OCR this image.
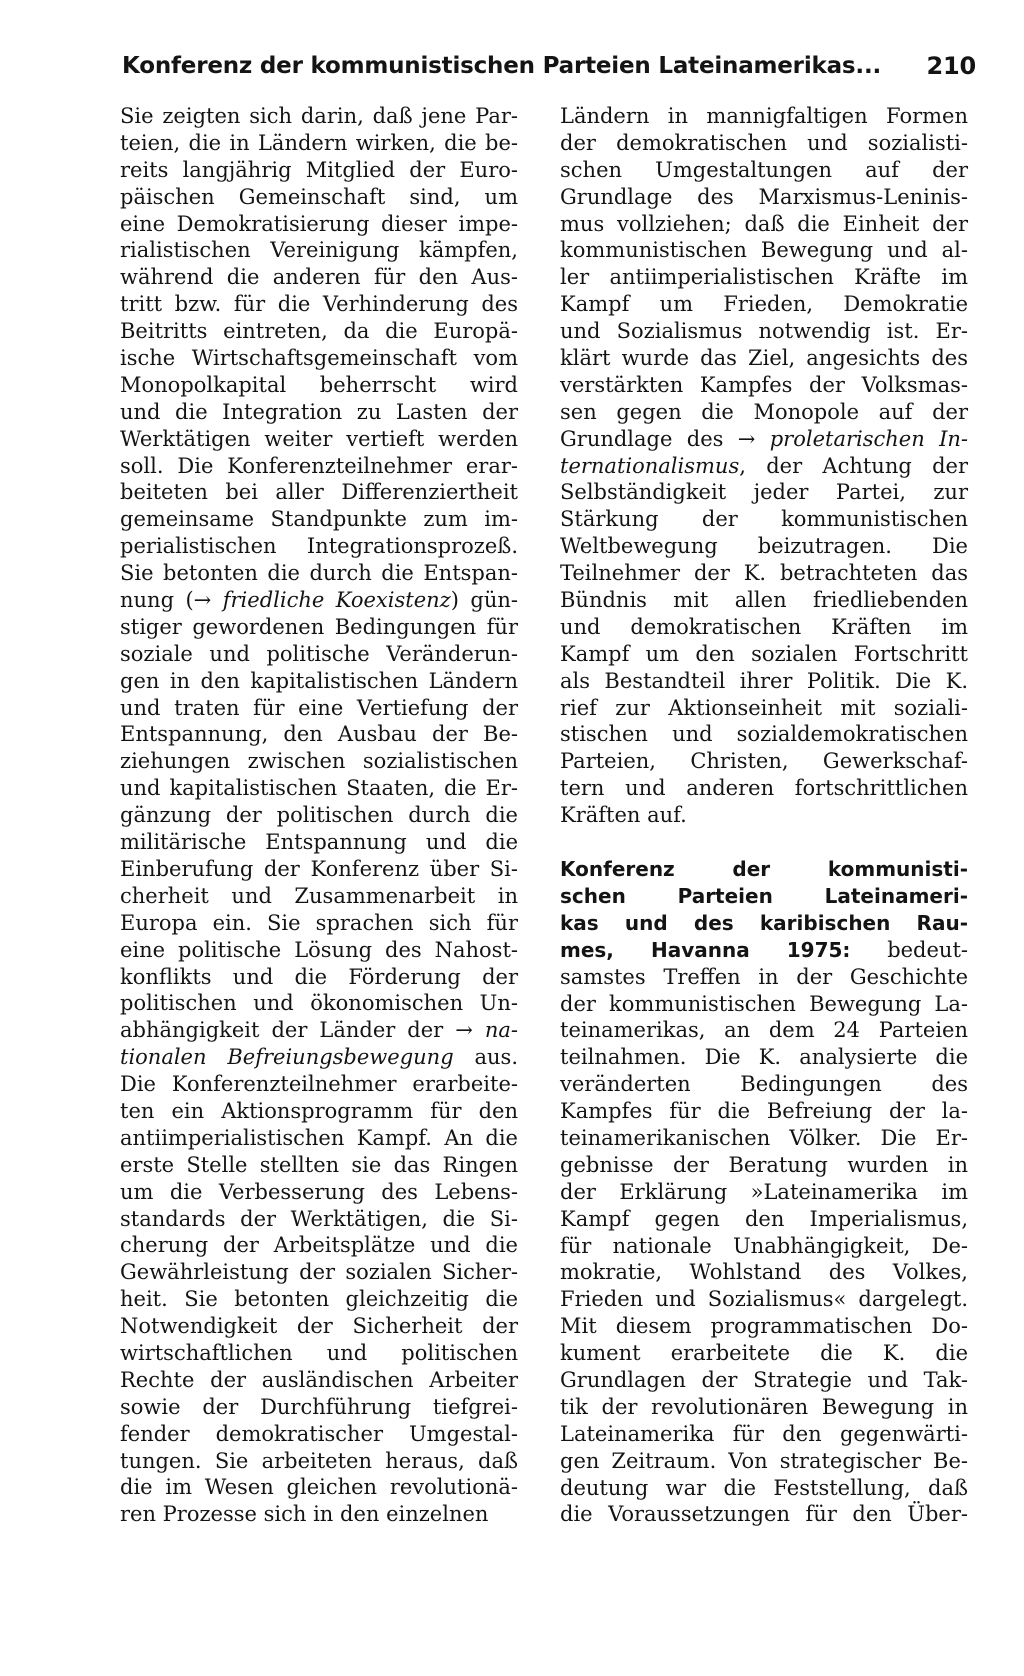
Konferenz der kommunistischen Parteien Lateinamerikas... 210
Sie zeigten sich darin, daß jene Par-
teien, die in Ländern wirken, die be-
reits langjährig Mitglied der Euro-
päischen Gemeinschaft sind, um
eine Demokratisierung dieser impe-
rialistischen Vereinigung kämpfen,
während die anderen für den Aus-
tritt bzw. für die Verhinderung des
Beitritts eintreten, da die Europä-
ische Wirtschaftsgemeinschaft vom
Monopolkapital beherrscht wird
und die Integration zu Lasten der
Werktätigen weiter vertieft werden
soll. Die Konferenzteilnehmer erar-
beiteten bei aller Differenziertheit
gemeinsame Standpunkte zum im-
perialistischen Integrationsprozeß.
Sie betonten die durch die Entspan-
nung (→ friedliche Koexistenz) gün-
stiger gewordenen Bedingungen für
soziale und politische Veränderun-
gen in den kapitalistischen Ländern
und traten für eine Vertiefung der
Entspannung, den Ausbau der Be-
ziehungen zwischen sozialistischen
und kapitalistischen Staaten, die Er-
gänzung der politischen durch die
militärische Entspannung und die
Einberufung der Konferenz über Si-
cherheit und Zusammenarbeit in
Europa ein. Sie sprachen sich für
eine politische Lösung des Nahost-
konflikts und die Förderung der
politischen und ökonomischen Un-
abhängigkeit der Länder der → na-
tionalen Befreiungsbewegung aus.
Die Konferenzteilnehmer erarbeite-
ten ein Aktionsprogramm für den
antiimperialistischen Kampf. An die
erste Stelle stellten sie das Ringen
um die Verbesserung des Lebens-
standards der Werktätigen, die Si-
cherung der Arbeitsplätze und die
Gewährleistung der sozialen Sicher-
heit. Sie betonten gleichzeitig die
Notwendigkeit der Sicherheit der
wirtschaftlichen und politischen
Rechte der ausländischen Arbeiter
sowie der Durchführung tiefgrei-
fender demokratischer Umgestal-
tungen. Sie arbeiteten heraus, daß
die im Wesen gleichen revolutionä-
ren Prozesse sich in den einzelnen
Ländern in mannigfaltigen Formen
der demokratischen und sozialisti-
schen Umgestaltungen auf der
Grundlage des Marxismus-Leninis-
mus vollziehen; daß die Einheit der
kommunistischen Bewegung und al-
ler antiimperialistischen Kräfte im
Kampf um Frieden, Demokratie
und Sozialismus notwendig ist. Er-
klärt wurde das Ziel, angesichts des
verstärkten Kampfes der Volksmas-
sen gegen die Monopole auf der
Grundlage des → proletarischen In-
ternationalismus, der Achtung der
Selbständigkeit jeder Partei, zur
Stärkung der kommunistischen
Weltbewegung beizutragen. Die
Teilnehmer der K. betrachteten das
Bündnis mit allen friedliebenden
und demokratischen Kräften im
Kampf um den sozialen Fortschritt
als Bestandteil ihrer Politik. Die K.
rief zur Aktionseinheit mit soziali-
stischen und sozialdemokratischen
Parteien, Christen, Gewerkschaf-
tern und anderen fortschrittlichen
Kräften auf.
Konferenz der kommunisti-
schen Parteien Lateinameri-
kas und des karibischen Rau-
mes, Havanna 1975: bedeut-
samstes Treffen in der Geschichte
der kommunistischen Bewegung La-
teinamerikas, an dem 24 Parteien
teilnahmen. Die K. analysierte die
veränderten Bedingungen des
Kampfes für die Befreiung der la-
teinamerikanischen Völker. Die Er-
gebnisse der Beratung wurden in
der Erklärung »Lateinamerika im
Kampf gegen den Imperialismus,
für nationale Unabhängigkeit, De-
mokratie, Wohlstand des Volkes,
Frieden und Sozialismus« dargelegt.
Mit diesem programmatischen Do-
kument erarbeitete die K. die
Grundlagen der Strategie und Tak-
tik der revolutionären Bewegung in
Lateinamerika für den gegenwärti-
gen Zeitraum. Von strategischer Be-
deutung war die Feststellung, daß
die Voraussetzungen für den Über-
